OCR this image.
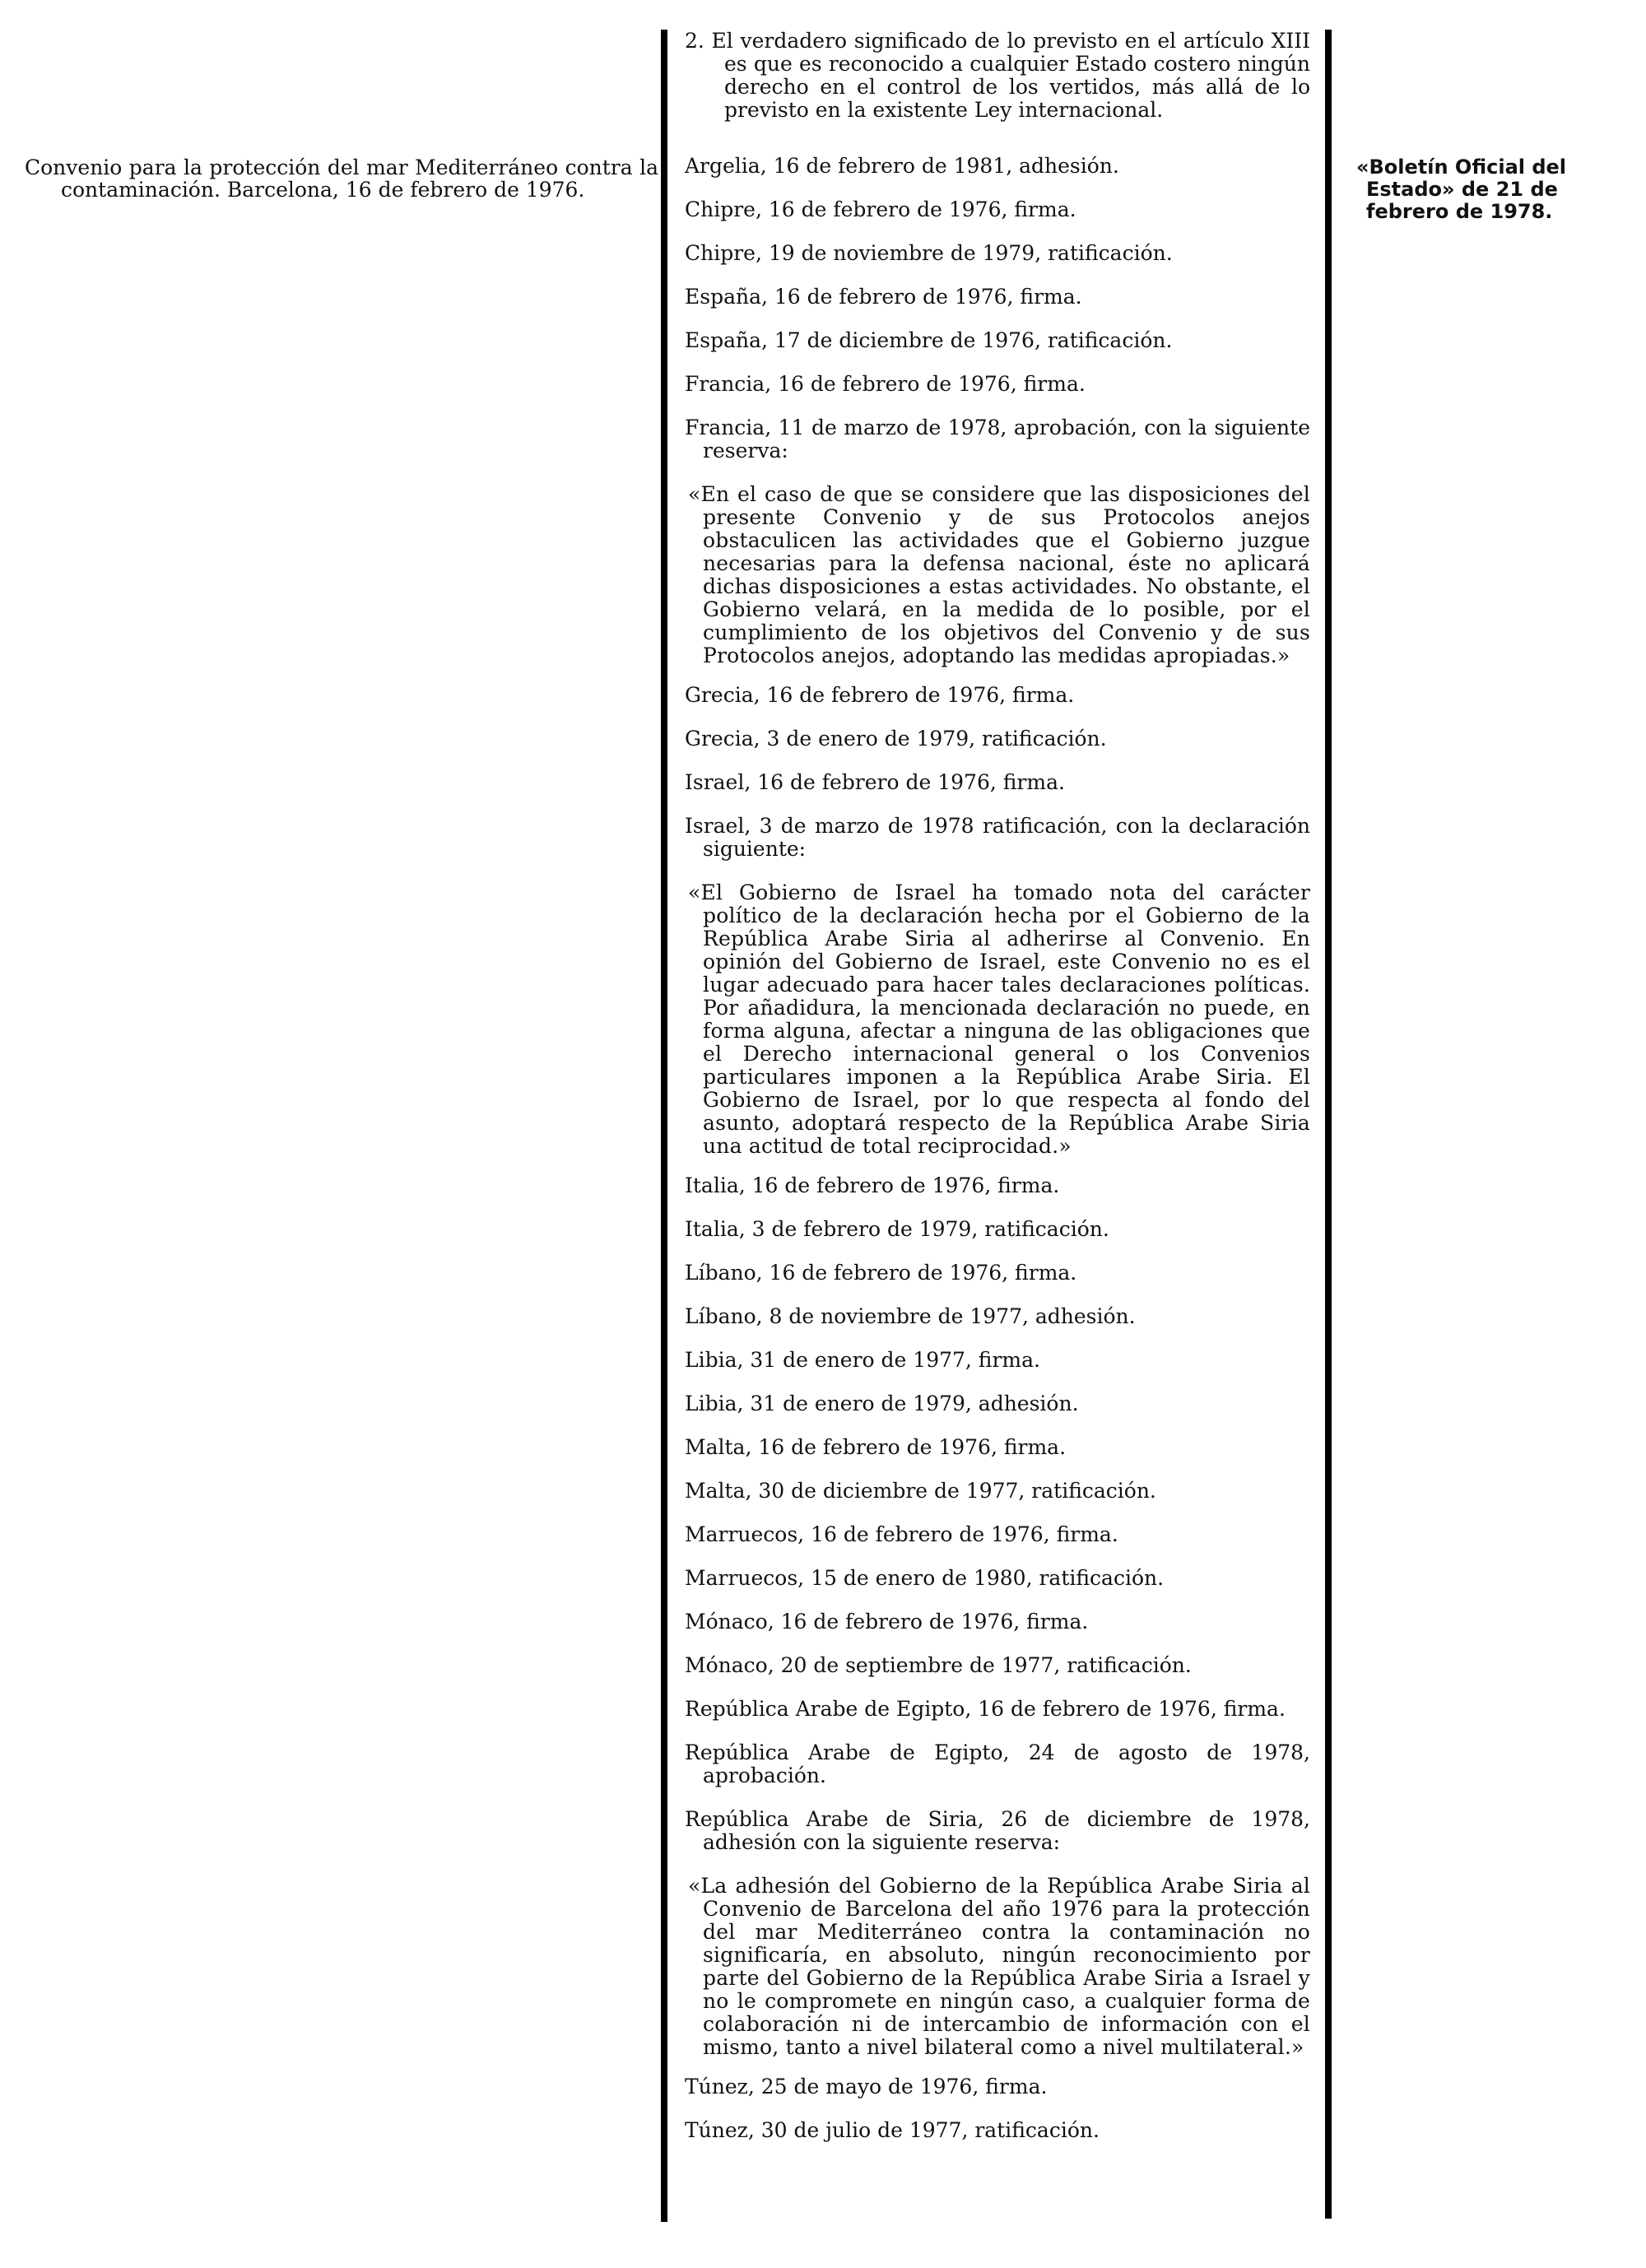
Convenio para la protección del mar Mediterráneo contra la contaminación. Barcelona, 16 de febrero de 1976.

2. El verdadero significado de lo previsto en el artículo XIII es que es reconocido a cualquier Estado costero ningún derecho en el control de los vertidos, más allá de lo previsto en la existente Ley internacional.

Argelia, 16 de febrero de 1981, adhesión.

Chipre, 16 de febrero de 1976, firma.

Chipre, 19 de noviembre de 1979, ratificación.

España, 16 de febrero de 1976, firma.

España, 17 de diciembre de 1976, ratificación.

Francia, 16 de febrero de 1976, firma.

Francia, 11 de marzo de 1978, aprobación, con la siguiente reserva:

«En el caso de que se considere que las disposiciones del presente Convenio y de sus Protocolos anejos obstaculicen las actividades que el Gobierno juzgue necesarias para la defensa nacional, éste no aplicará dichas disposiciones a estas actividades. No obstante, el Gobierno velará, en la medida de lo posible, por el cumplimiento de los objetivos del Convenio y de sus Protocolos anejos, adoptando las medidas apropiadas.»

Grecia, 16 de febrero de 1976, firma.

Grecia, 3 de enero de 1979, ratificación.

Israel, 16 de febrero de 1976, firma.

Israel, 3 de marzo de 1978 ratificación, con la declaración siguiente:

«El Gobierno de Israel ha tomado nota del carácter político de la declaración hecha por el Gobierno de la República Arabe Siria al adherirse al Convenio. En opinión del Gobierno de Israel, este Convenio no es el lugar adecuado para hacer tales declaraciones políticas. Por añadidura, la mencionada declaración no puede, en forma alguna, afectar a ninguna de las obligaciones que el Derecho internacional general o los Convenios particulares imponen a la República Arabe Siria. El Gobierno de Israel, por lo que respecta al fondo del asunto, adoptará respecto de la República Arabe Siria una actitud de total reciprocidad.»

Italia, 16 de febrero de 1976, firma.

Italia, 3 de febrero de 1979, ratificación.

Líbano, 16 de febrero de 1976, firma.

Líbano, 8 de noviembre de 1977, adhesión.

Libia, 31 de enero de 1977, firma.

Libia, 31 de enero de 1979, adhesión.

Malta, 16 de febrero de 1976, firma.

Malta, 30 de diciembre de 1977, ratificación.

Marruecos, 16 de febrero de 1976, firma.

Marruecos, 15 de enero de 1980, ratificación.

Mónaco, 16 de febrero de 1976, firma.

Mónaco, 20 de septiembre de 1977, ratificación.

República Arabe de Egipto, 16 de febrero de 1976, firma.

República Arabe de Egipto, 24 de agosto de 1978, aprobación.

República Arabe de Siria, 26 de diciembre de 1978, adhesión con la siguiente reserva:

«La adhesión del Gobierno de la República Arabe Siria al Convenio de Barcelona del año 1976 para la protección del mar Mediterráneo contra la contaminación no significaría, en absoluto, ningún reconocimiento por parte del Gobierno de la República Arabe Siria a Israel y no le compromete en ningún caso, a cualquier forma de colaboración ni de intercambio de información con el mismo, tanto a nivel bilateral como a nivel multilateral.»

Túnez, 25 de mayo de 1976, firma.

Túnez, 30 de julio de 1977, ratificación.

«Boletín Oficial del Estado» de 21 de febrero de 1978.
